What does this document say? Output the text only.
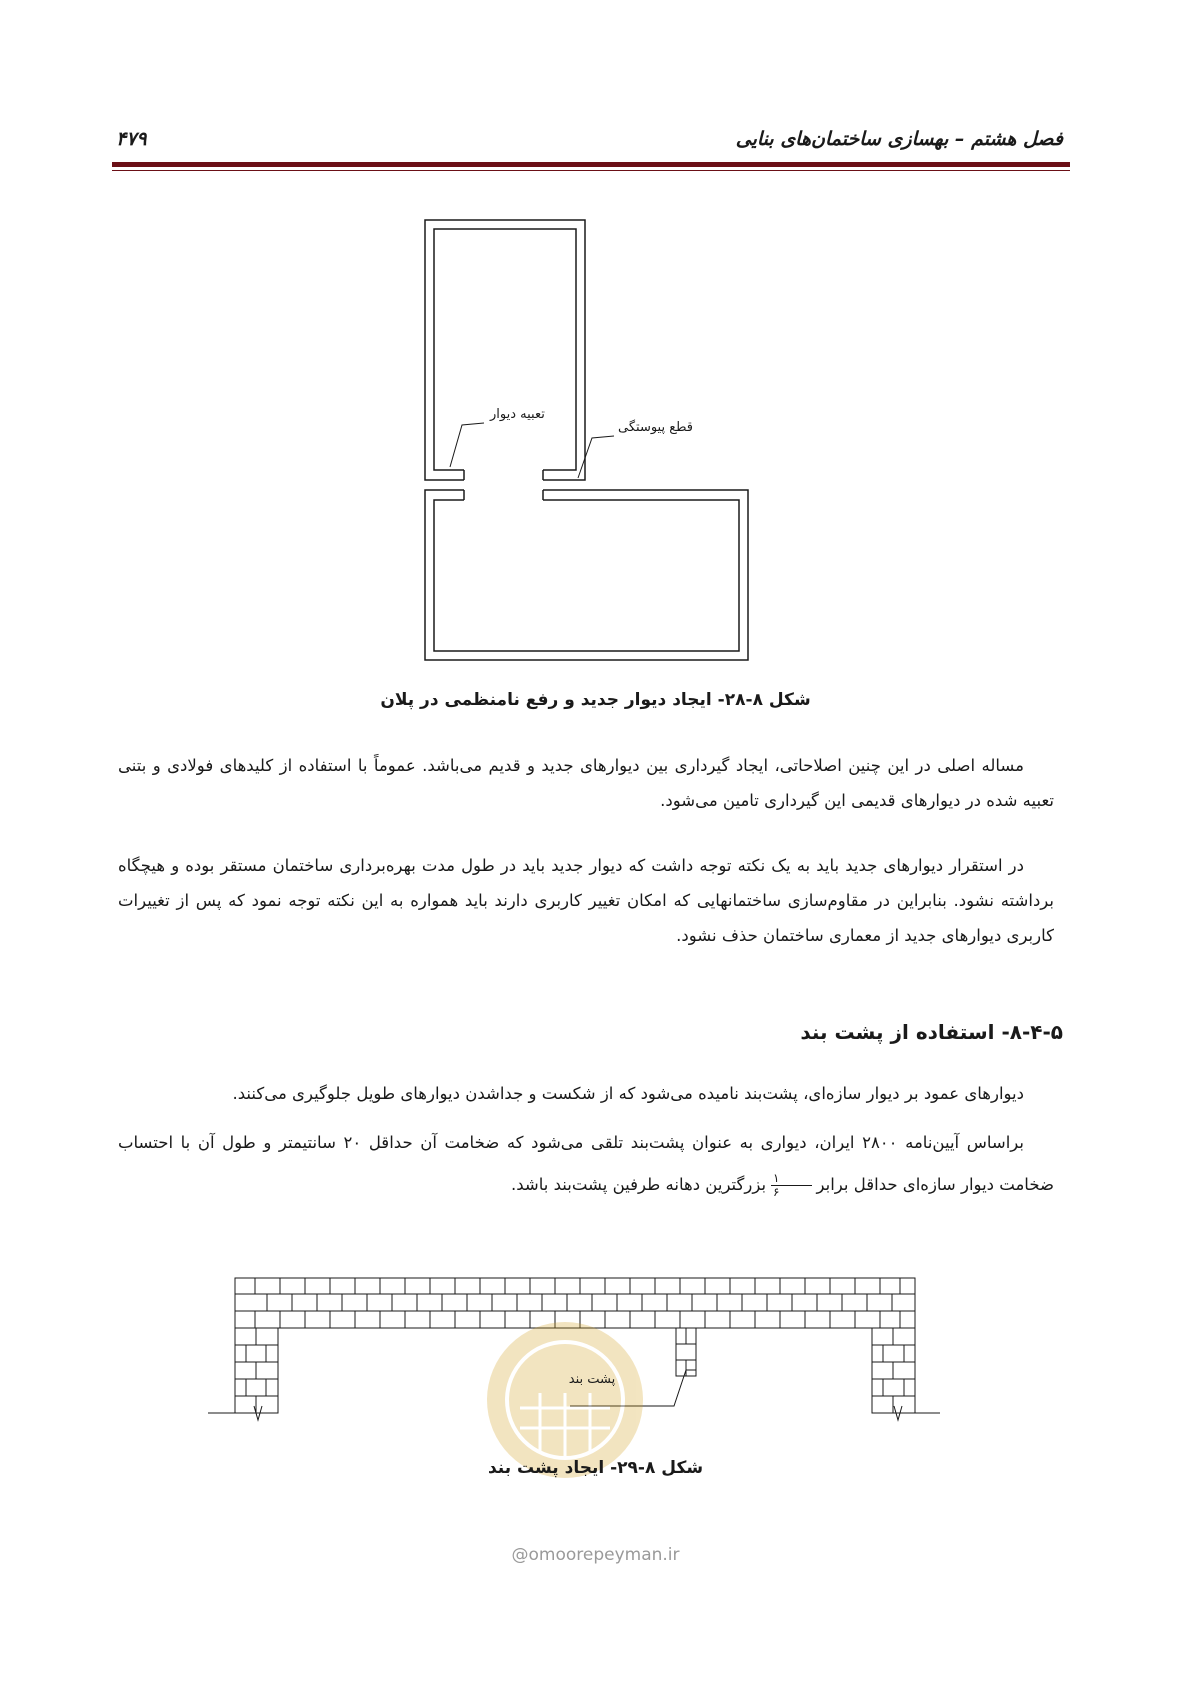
فصل هشتم – بهسازی ساختمان‌های بنایی
۴۷۹
تعبیه دیوار
قطع پیوستگی
شکل ۸-۲۸- ایجاد دیوار جدید و رفع نامنظمی در پلان

مساله اصلی در این چنین اصلاحاتی، ایجاد گیرداری بین دیوارهای جدید و قدیم می‌باشد. عموماً با استفاده از کلیدهای فولادی و بتنی تعبیه شده در دیوارهای قدیمی این گیرداری تامین می‌شود.

در استقرار دیوارهای جدید باید به یک نکته توجه داشت که دیوار جدید باید در طول مدت بهره‌برداری ساختمان مستقر بوده و هیچگاه برداشته نشود. بنابراین در مقاوم‌سازی ساختمانهایی که امکان تغییر کاربری دارند باید همواره به این نکته توجه نمود که پس از تغییرات کاربری دیوارهای جدید از معماری ساختمان حذف نشود.

۸-۴-۵- استفاده از پشت بند

دیوارهای عمود بر دیوار سازه‌ای، پشت‌بند نامیده می‌شود که از شکست و جداشدن دیوارهای طویل جلوگیری می‌کنند.

براساس آیین‌نامه ۲۸۰۰ ایران، دیواری به عنوان پشت‌بند تلقی می‌شود که ضخامت آن حداقل ۲۰ سانتیمتر و طول آن با احتساب ضخامت دیوار سازه‌ای حداقل برابر
$\frac{۱}{۶}$
بزرگترین دهانه طرفین پشت‌بند باشد.

پشت بند
شکل ۸-۲۹- ایجاد پشت بند
@omoorepeyman.ir
